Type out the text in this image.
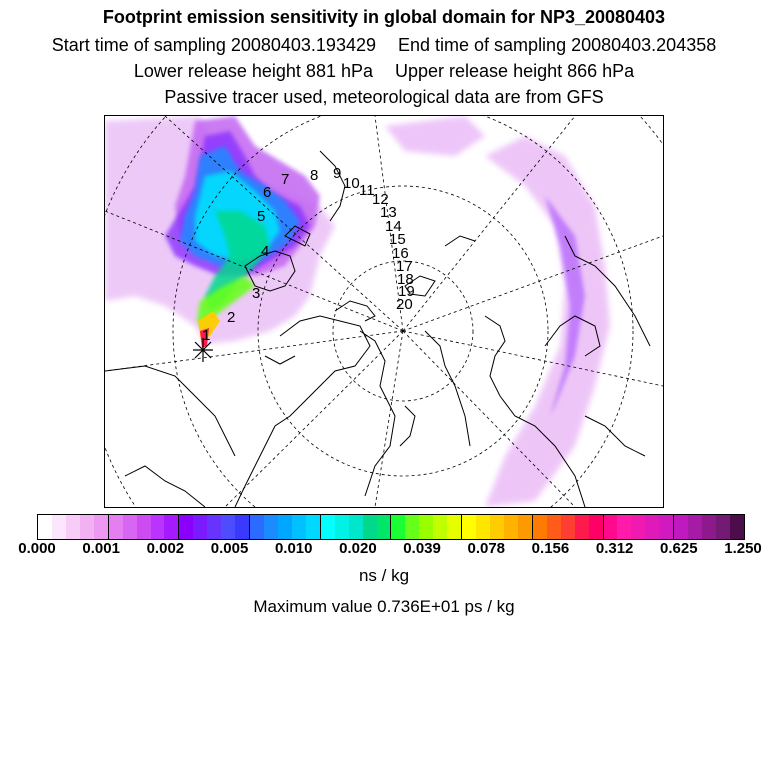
Footprint emission sensitivity in global domain for NP3_20080403
Start time of sampling 20080403.193429 End time of sampling 20080403.204358
Lower release height 881 hPa Upper release height 866 hPa
Passive tracer used, meteorological data are from GFS
1
2
3
4
5
6
7 8 9
10 11
12
13
14
15
16
17
18
19
20
0.000 0.001 0.002 0.005 0.010 0.020 0.039 0.078 0.156 0.312 0.625 1.250
ns / kg
Maximum value 0.736E+01 ps / kg
